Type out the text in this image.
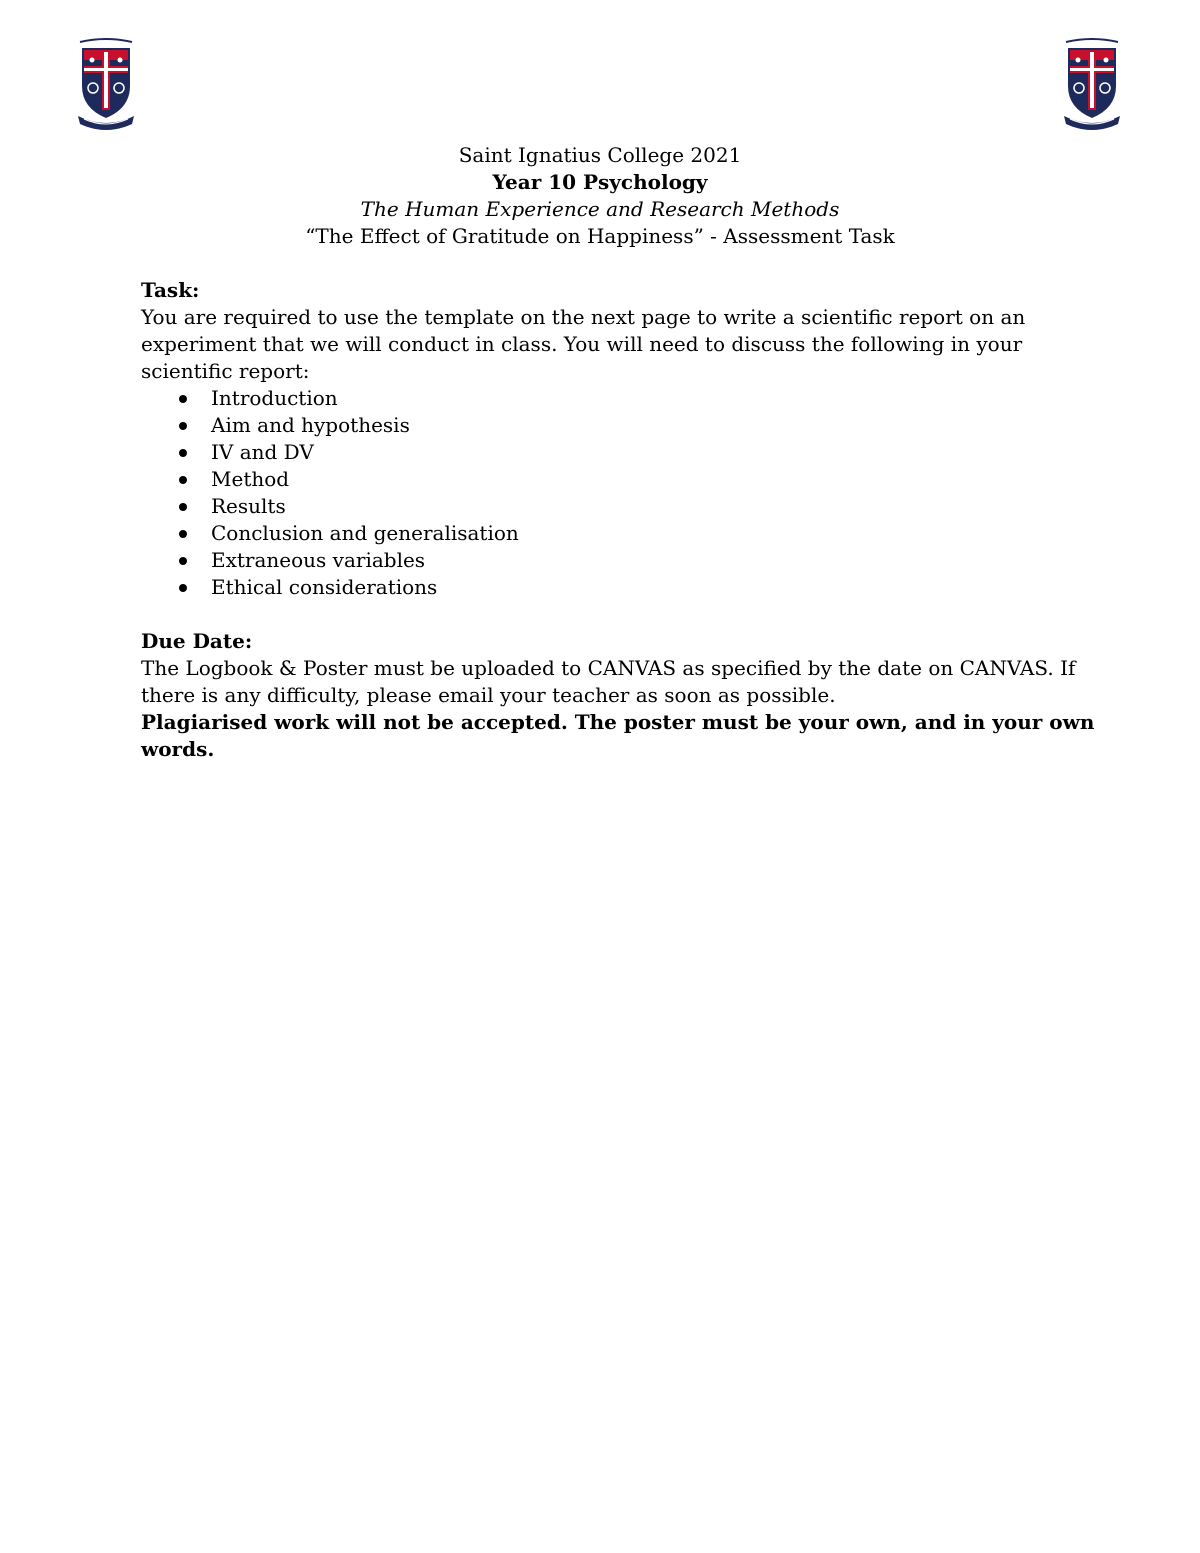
Saint Ignatius College 2021
Year 10 Psychology
The Human Experience and Research Methods
“The Effect of Gratitude on Happiness” - Assessment Task

Task:

You are required to use the template on the next page to write a scientific report on an

experiment that we will conduct in class. You will need to discuss the following in your

scientific report:

Introduction
Aim and hypothesis
IV and DV
Method
Results
Conclusion and generalisation
Extraneous variables
Ethical considerations

Due Date:

The Logbook & Poster must be uploaded to CANVAS as specified by the date on CANVAS. If

there is any difficulty, please email your teacher as soon as possible.

Plagiarised work will not be accepted. The poster must be your own, and in your own

words.
